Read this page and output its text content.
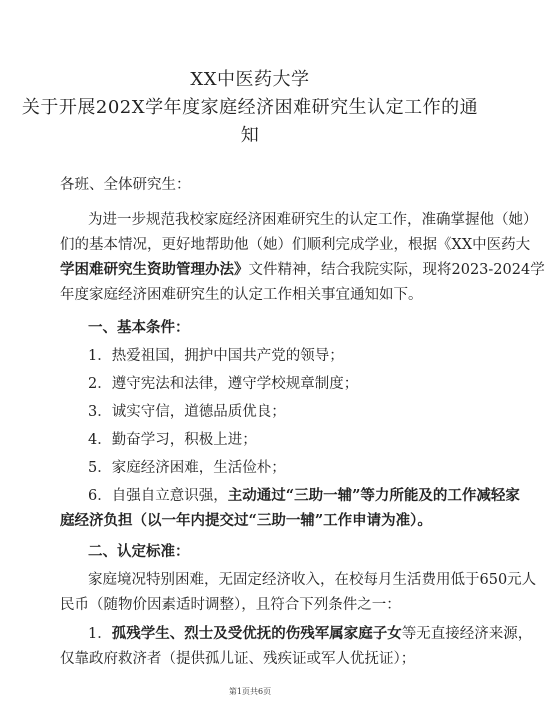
XX中医药大学
关于开展202X学年度家庭经济困难研究生认定工作的通
知
各班、全体研究生：
为进一步规范我校家庭经济困难研究生的认定工作，准确掌握他（她）
们的基本情况，更好地帮助他（她）们顺利完成学业，根据《XX中医药大
学困难研究生资助管理办法》文件精神，结合我院实际，现将2023-2024学
年度家庭经济困难研究生的认定工作相关事宜通知如下。
一、基本条件：
1．热爱祖国，拥护中国共产党的领导；
2．遵守宪法和法律，遵守学校规章制度；
3．诚实守信，道德品质优良；
4．勤奋学习，积极上进；
5．家庭经济困难，生活俭朴；
6．自强自立意识强，主动通过“三助一辅”等力所能及的工作减轻家
庭经济负担（以一年内提交过“三助一辅”工作申请为准）。
二、认定标准：
家庭境况特别困难，无固定经济收入，在校每月生活费用低于650元人
民币（随物价因素适时调整），且符合下列条件之一：
1．孤残学生、烈士及受优抚的伤残军属家庭子女等无直接经济来源，
仅靠政府救济者（提供孤儿证、残疾证或军人优抚证）；
第1页共6页
